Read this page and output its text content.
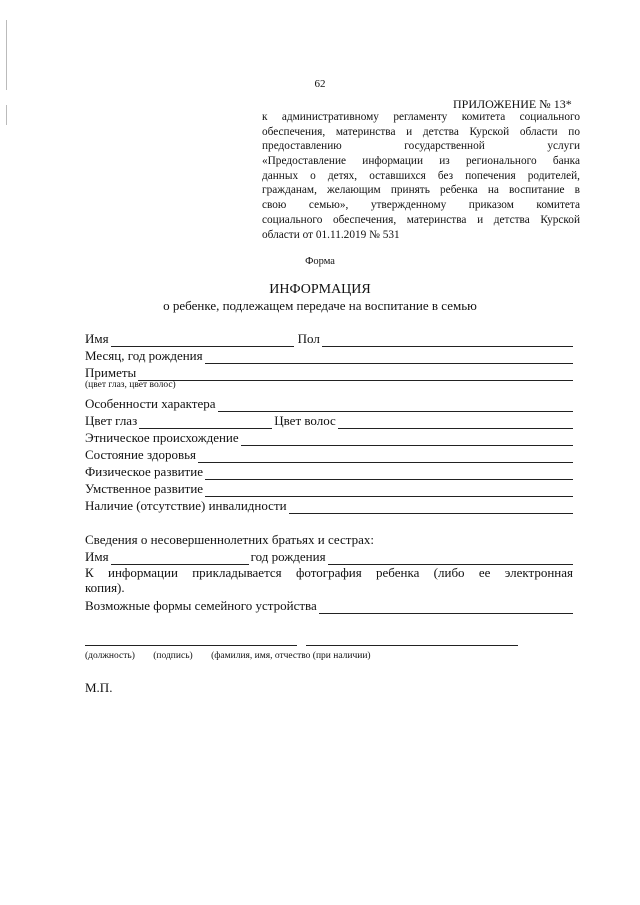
62
ПРИЛОЖЕНИЕ № 13*
к административному регламенту комитета социального
обеспечения, материнства и детства Курской области по
предоставлению государственной услуги
«Предоставление информации из регионального банка
данных о детях, оставшихся без попечения родителей,
гражданам, желающим принять ребенка на воспитание в
свою семью», утвержденному приказом комитета
социального обеспечения, материнства и детства Курской
области от 01.11.2019 № 531
Форма
ИНФОРМАЦИЯ
о ребенке, подлежащем передаче на воспитание в семью
Имя	Пол
Месяц, год рождения
Приметы
(цвет глаз, цвет волос)
Особенности характера
Цвет глаз	Цвет волос
Этническое происхождение
Состояние здоровья
Физическое развитие
Умственное развитие
Наличие (отсутствие) инвалидности
Сведения о несовершеннолетних братьях и сестрах:
Имя	год рождения
К информации прикладывается фотография ребенка (либо ее электронная
копия).
Возможные формы семейного устройства
(должность) (подпись) (фамилия, имя, отчество (при наличии)
М.П.
